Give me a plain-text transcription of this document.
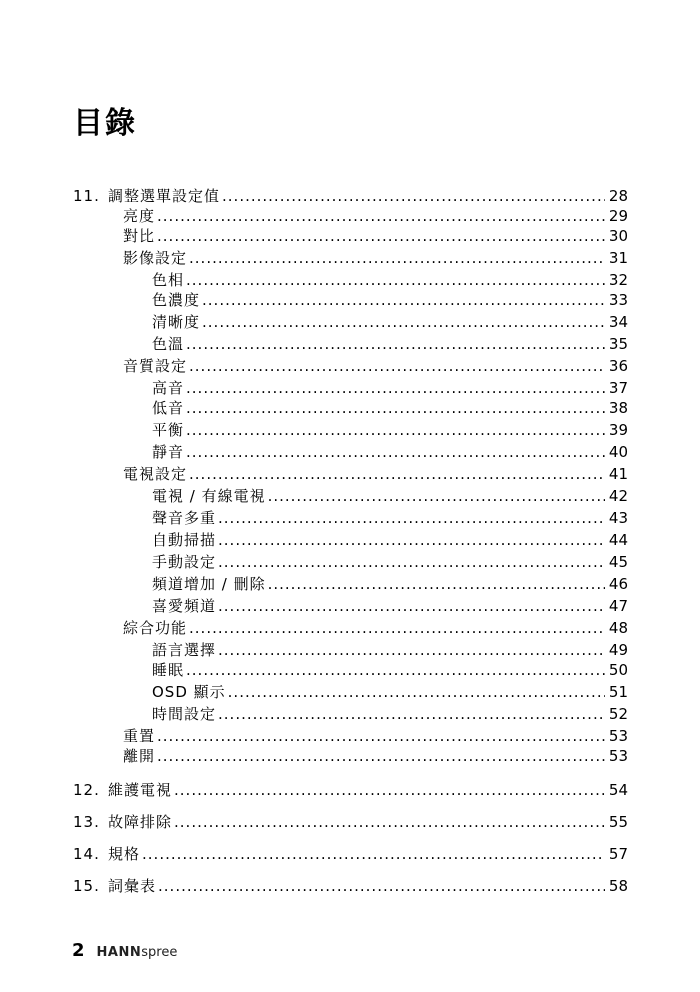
目錄
11. 調整選單設定值 .....	28
亮度 .....	29
對比 .....	30
影像設定 .....	31
色相 .....	32
色濃度 .....	33
清晰度 .....	34
色溫 .....	35
音質設定 .....	36
高音 .....	37
低音 .....	38
平衡 .....	39
靜音 .....	40
電視設定 .....	41
電視 / 有線電視 .....	42
聲音多重 .....	43
自動掃描 .....	44
手動設定 .....	45
頻道增加 / 刪除 .....	46
喜愛頻道 .....	47
綜合功能 .....	48
語言選擇 .....	49
睡眠 .....	50
OSD 顯示 .....	51
時間設定 .....	52
重置 .....	53
離開 .....	53
12. 維護電視 .....	54
13. 故障排除 .....	55
14. 規格 .....	57
15. 詞彙表 .....	58
2 HANNspree
